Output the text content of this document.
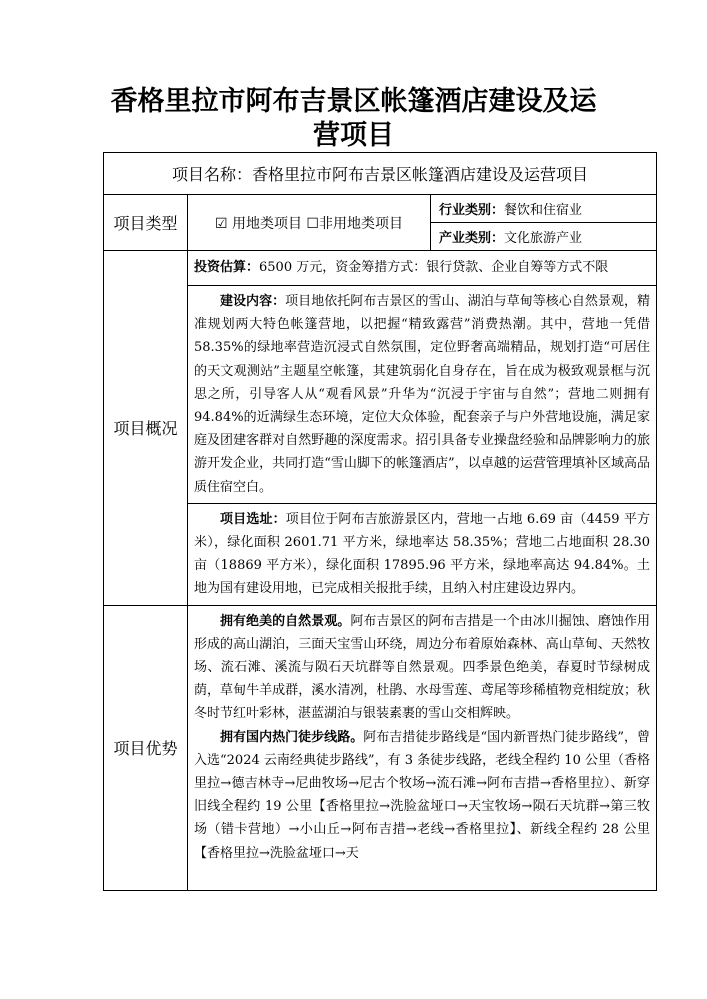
香格里拉市阿布吉景区帐篷酒店建设及运
营项目
项目名称：香格里拉市阿布吉景区帐篷酒店建设及运营项目		
项目类型	☑ 用地类项目 ☐非用地类项目	行业类别：餐饮和住宿业
		产业类别：文化旅游产业
项目概况	投资估算：6500 万元，资金筹措方式：银行贷款、企业自筹等方式不限	

	建设内容：项目地依托阿布吉景区的雪山、湖泊与草甸等核心自然景观，精准规划两大特色帐篷营地，以把握“精致露营”消费热潮。其中，营地一凭借 58.35%的绿地率营造沉浸式自然氛围，定位野奢高端精品，规划打造“可居住的天文观测站”主题星空帐篷，其建筑弱化自身存在，旨在成为极致观景框与沉思之所，引导客人从“观看风景”升华为“沉浸于宇宙与自然”；营地二则拥有 94.84%的近满绿生态环境，定位大众体验，配套亲子与户外营地设施，满足家庭及团建客群对自然野趣的深度需求。招引具备专业操盘经验和品牌影响力的旅游开发企业，共同打造“雪山脚下的帐篷酒店”，以卓越的运营管理填补区域高品质住宿空白。	

	项目选址：项目位于阿布吉旅游景区内，营地一占地 6.69 亩（4459 平方米），绿化面积 2601.71 平方米，绿地率达 58.35%；营地二占地面积 28.30 亩（18869 平方米），绿化面积 17895.96 平方米，绿地率高达 94.84%。土地为国有建设用地，已完成相关报批手续，且纳入村庄建设边界内。	

项目优势	拥有绝美的自然景观。阿布吉景区的阿布吉措是一个由冰川掘蚀、磨蚀作用形成的高山湖泊，三面天宝雪山环绕，周边分布着原始森林、高山草甸、天然牧场、流石滩、溪流与陨石天坑群等自然景观。四季景色绝美，春夏时节绿树成荫，草甸牛羊成群，溪水清冽，杜鹃、水母雪莲、鸢尾等珍稀植物竞相绽放；秋冬时节红叶彩林，湛蓝湖泊与银装素裹的雪山交相辉映。

拥有国内热门徒步线路。阿布吉措徒步路线是“国内新晋热门徒步路线”，曾入选“2024 云南经典徒步路线”，有 3 条徒步线路，老线全程约 10 公里（香格里拉→德吉林寺→尼曲牧场→尼古个牧场→流石滩→阿布吉措→香格里拉）、新穿旧线全程约 19 公里【香格里拉→洗脸盆垭口→天宝牧场→陨石天坑群→第三牧场（错卡营地）→小山丘→阿布吉措→老线→香格里拉】、新线全程约 28 公里【香格里拉→洗脸盆垭口→天	
